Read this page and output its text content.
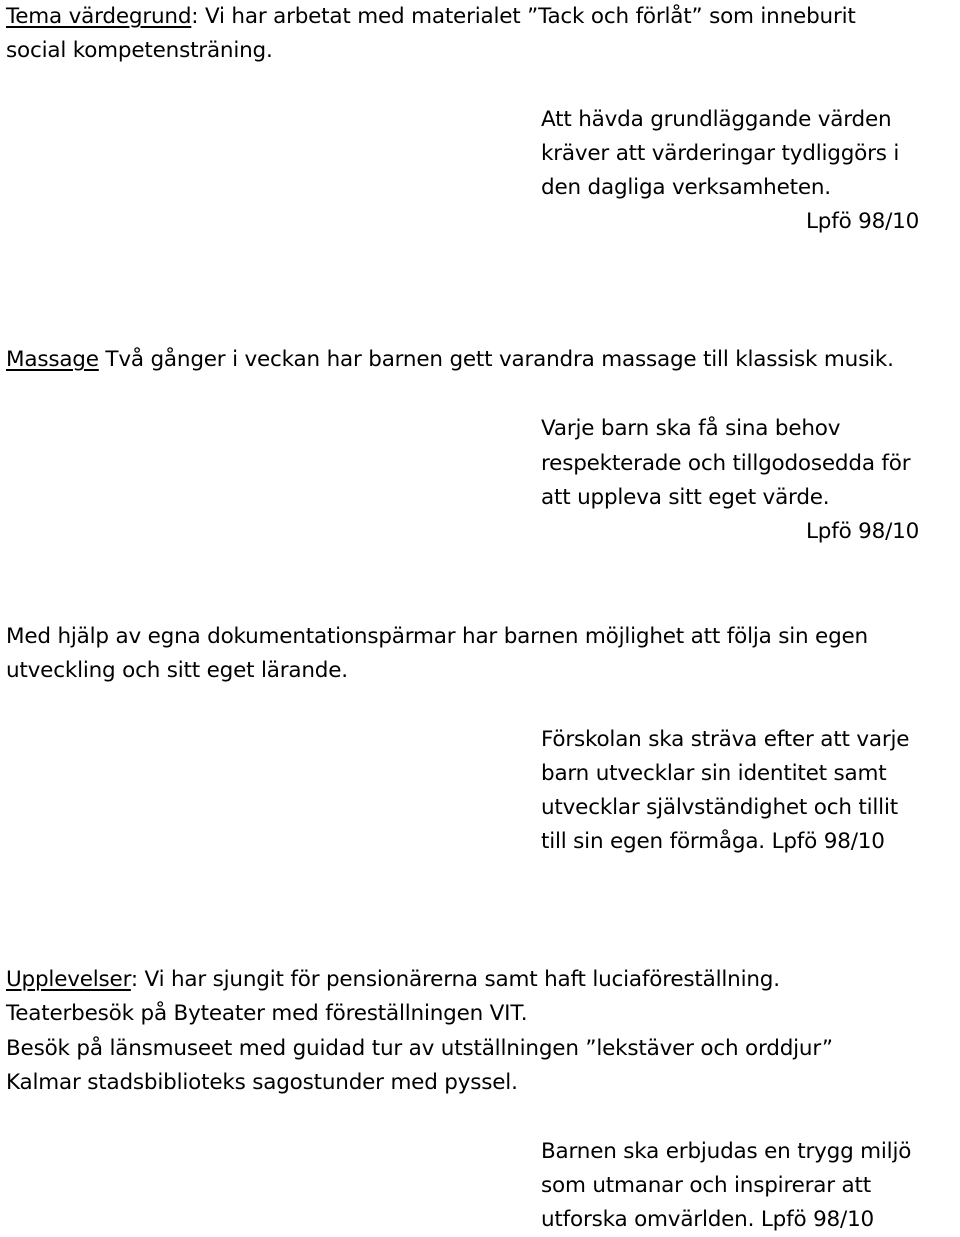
Tema värdegrund: Vi har arbetat med materialet ”Tack och förlåt” som inneburit
social kompetensträning.
Att hävda grundläggande värden
kräver att värderingar tydliggörs i
den dagliga verksamheten.
Lpfö 98/10
Massage Två gånger i veckan har barnen gett varandra massage till klassisk musik.
Varje barn ska få sina behov
respekterade och tillgodosedda för
att uppleva sitt eget värde.
Lpfö 98/10
Med hjälp av egna dokumentationspärmar har barnen möjlighet att följa sin egen
utveckling och sitt eget lärande.
Förskolan ska sträva efter att varje
barn utvecklar sin identitet samt
utvecklar självständighet och tillit
till sin egen förmåga. Lpfö 98/10
Upplevelser: Vi har sjungit för pensionärerna samt haft luciaföreställning.
Teaterbesök på Byteater med föreställningen VIT.
Besök på länsmuseet med guidad tur av utställningen ”lekstäver och orddjur”
Kalmar stadsbiblioteks sagostunder med pyssel.
Barnen ska erbjudas en trygg miljö
som utmanar och inspirerar att
utforska omvärlden. Lpfö 98/10
